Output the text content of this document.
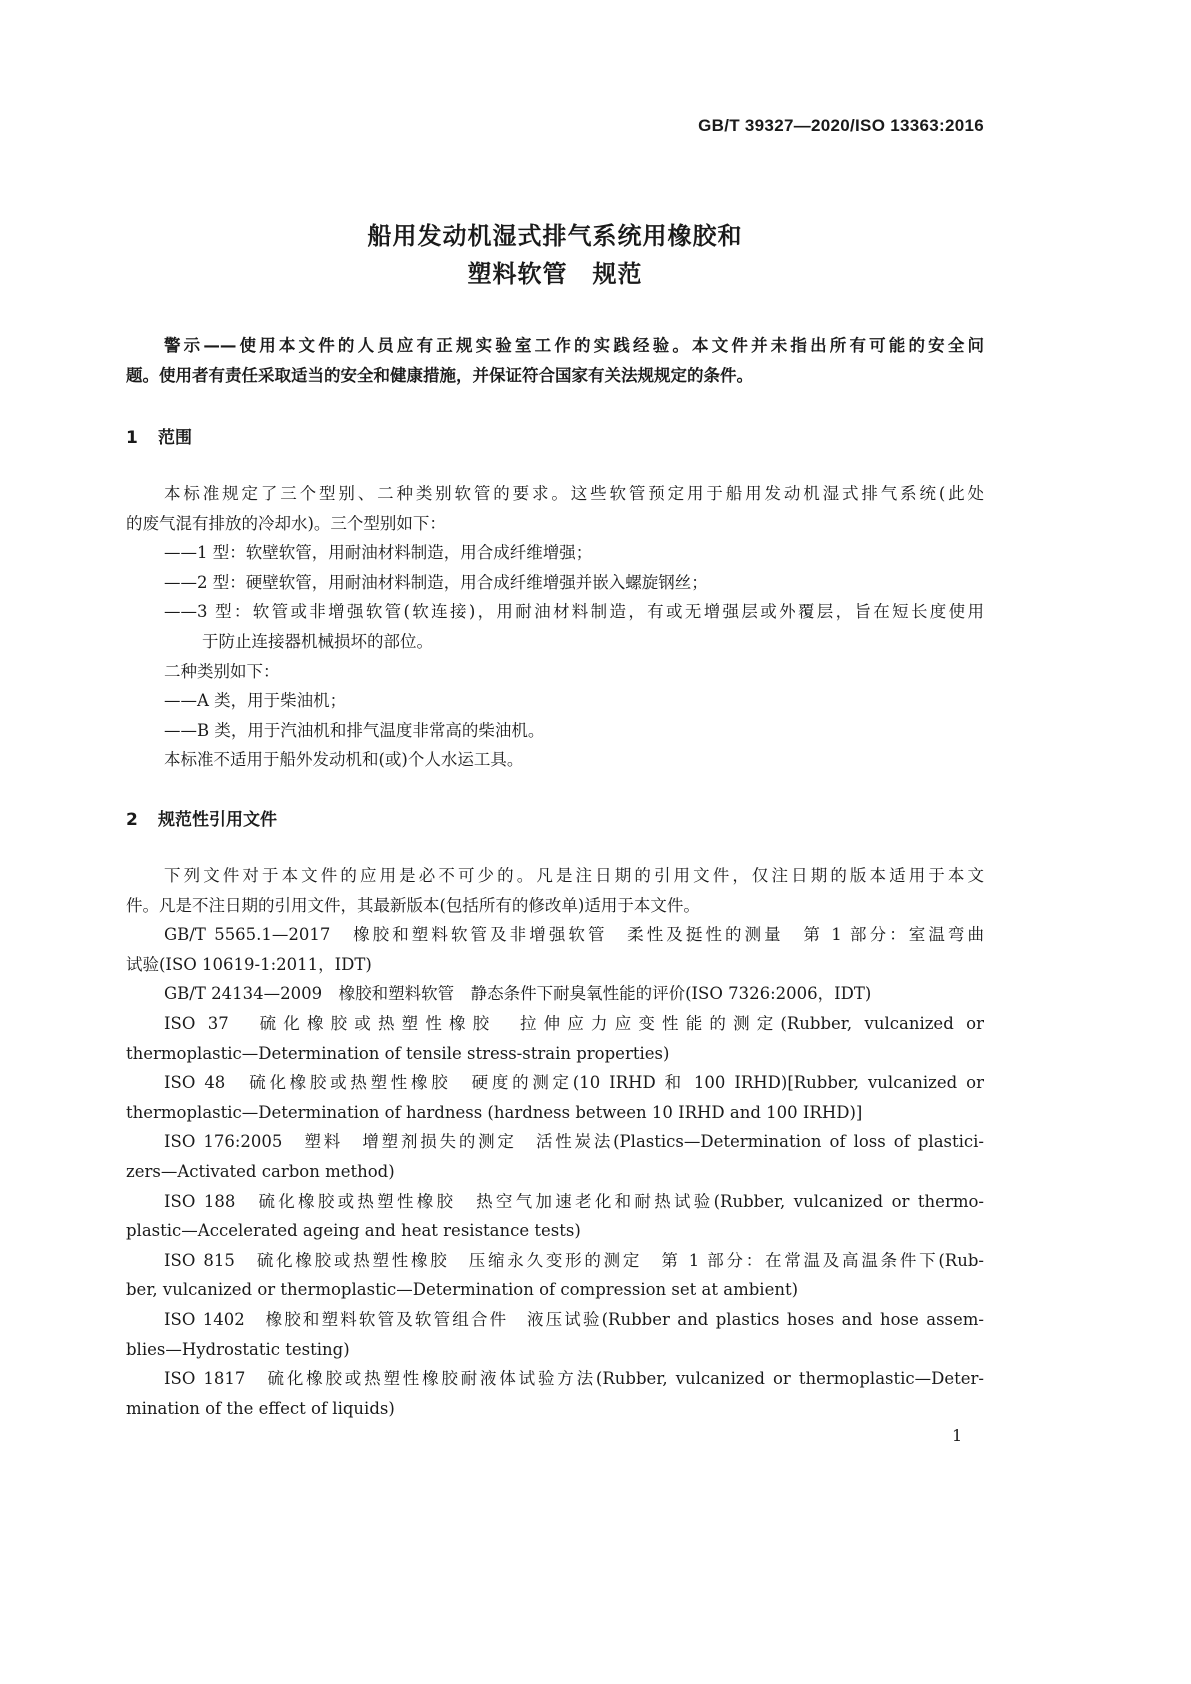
GB/T 39327—2020/ISO 13363:2016
船用发动机湿式排气系统用橡胶和
塑料软管　规范
警示——使用本文件的人员应有正规实验室工作的实践经验。本文件并未指出所有可能的安全问
题。使用者有责任采取适当的安全和健康措施，并保证符合国家有关法规规定的条件。
1 范围
本标准规定了三个型别、二种类别软管的要求。这些软管预定用于船用发动机湿式排气系统(此处
的废气混有排放的冷却水)。三个型别如下：
——1 型：软壁软管，用耐油材料制造，用合成纤维增强；
——2 型：硬壁软管，用耐油材料制造，用合成纤维增强并嵌入螺旋钢丝；
——3 型：软管或非增强软管(软连接)，用耐油材料制造，有或无增强层或外覆层，旨在短长度使用
于防止连接器机械损坏的部位。
二种类别如下：
——A 类，用于柴油机；
——B 类，用于汽油机和排气温度非常高的柴油机。
本标准不适用于船外发动机和(或)个人水运工具。
2 规范性引用文件
下列文件对于本文件的应用是必不可少的。凡是注日期的引用文件，仅注日期的版本适用于本文
件。凡是不注日期的引用文件，其最新版本(包括所有的修改单)适用于本文件。
GB/T 5565.1—2017　橡胶和塑料软管及非增强软管　柔性及挺性的测量　第 1 部分：室温弯曲
试验(ISO 10619-1:2011，IDT)
GB/T 24134—2009　橡胶和塑料软管　静态条件下耐臭氧性能的评价(ISO 7326:2006，IDT)
ISO 37　硫化橡胶或热塑性橡胶　拉伸应力应变性能的测定(Rubber, vulcanized or
thermoplastic—Determination of tensile stress-strain properties)
ISO 48　硫化橡胶或热塑性橡胶　硬度的测定(10 IRHD 和 100 IRHD)[Rubber, vulcanized or
thermoplastic—Determination of hardness (hardness between 10 IRHD and 100 IRHD)]
ISO 176:2005　塑料　增塑剂损失的测定　活性炭法(Plastics—Determination of loss of plastici-
zers—Activated carbon method)
ISO 188　硫化橡胶或热塑性橡胶　热空气加速老化和耐热试验(Rubber, vulcanized or thermo-
plastic—Accelerated ageing and heat resistance tests)
ISO 815　硫化橡胶或热塑性橡胶　压缩永久变形的测定　第 1 部分：在常温及高温条件下(Rub-
ber, vulcanized or thermoplastic—Determination of compression set at ambient)
ISO 1402　橡胶和塑料软管及软管组合件　液压试验(Rubber and plastics hoses and hose assem-
blies—Hydrostatic testing)
ISO 1817　硫化橡胶或热塑性橡胶耐液体试验方法(Rubber, vulcanized or thermoplastic—Deter-
mination of the effect of liquids)
1
